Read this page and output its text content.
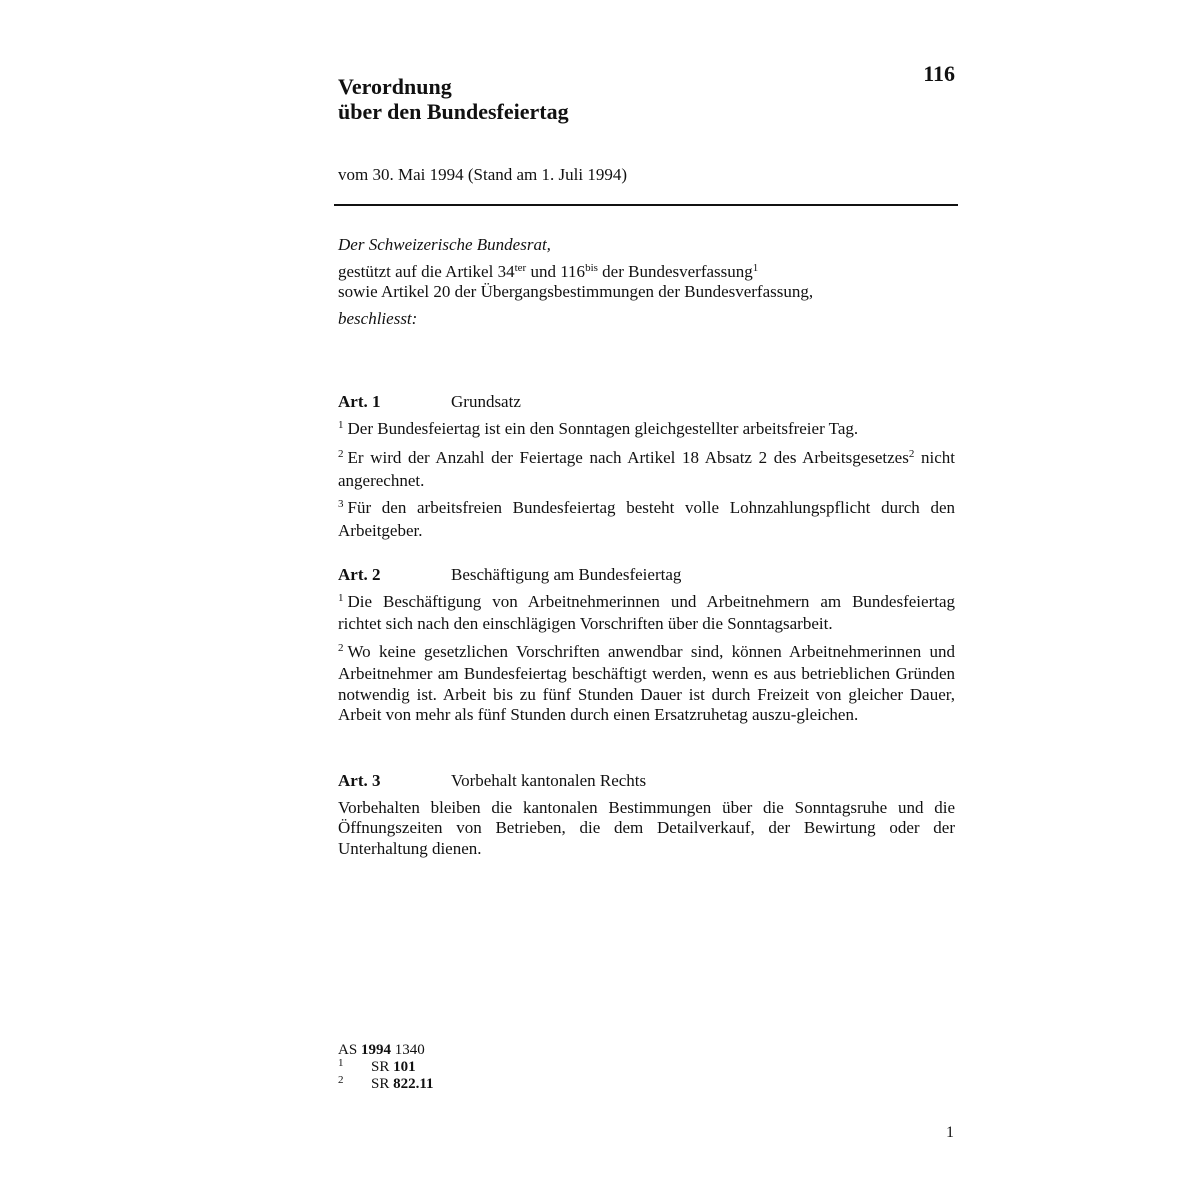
Verordnung
über den Bundesfeiertag
116
vom 30. Mai 1994 (Stand am 1. Juli 1994)

Der Schweizerische Bundesrat,

gestützt auf die Artikel $34^{ter}$ und $116^{bis}$ der Bundesverfassung$^1$

sowie Artikel 20 der Übergangsbestimmungen der Bundesverfassung,

beschliesst:

Art. 1	Grundsatz

$^1$ Der Bundesfeiertag ist ein den Sonntagen gleichgestellter arbeitsfreier Tag.

$^2$ Er wird der Anzahl der Feiertage nach Artikel 18 Absatz 2 des Arbeitsgesetzes$^2$ nicht angerechnet.

$^3$ Für den arbeitsfreien Bundesfeiertag besteht volle Lohnzahlungspflicht durch den Arbeitgeber.

Art. 2	Beschäftigung am Bundesfeiertag

$^1$ Die Beschäftigung von Arbeitnehmerinnen und Arbeitnehmern am Bundesfeiertag richtet sich nach den einschlägigen Vorschriften über die Sonntagsarbeit.

$^2$ Wo keine gesetzlichen Vorschriften anwendbar sind, können Arbeitnehmerinnen und Arbeitnehmer am Bundesfeiertag beschäftigt werden, wenn es aus betrieblichen Gründen notwendig ist. Arbeit bis zu fünf Stunden Dauer ist durch Freizeit von gleicher Dauer, Arbeit von mehr als fünf Stunden durch einen Ersatzruhetag auszu-gleichen.

Art. 3	Vorbehalt kantonalen Rechts

Vorbehalten bleiben die kantonalen Bestimmungen über die Sonntagsruhe und die Öffnungszeiten von Betrieben, die dem Detailverkauf, der Bewirtung oder der Unterhaltung dienen.

AS 1994 1340
1	SR 101
2	SR 822.11
1
